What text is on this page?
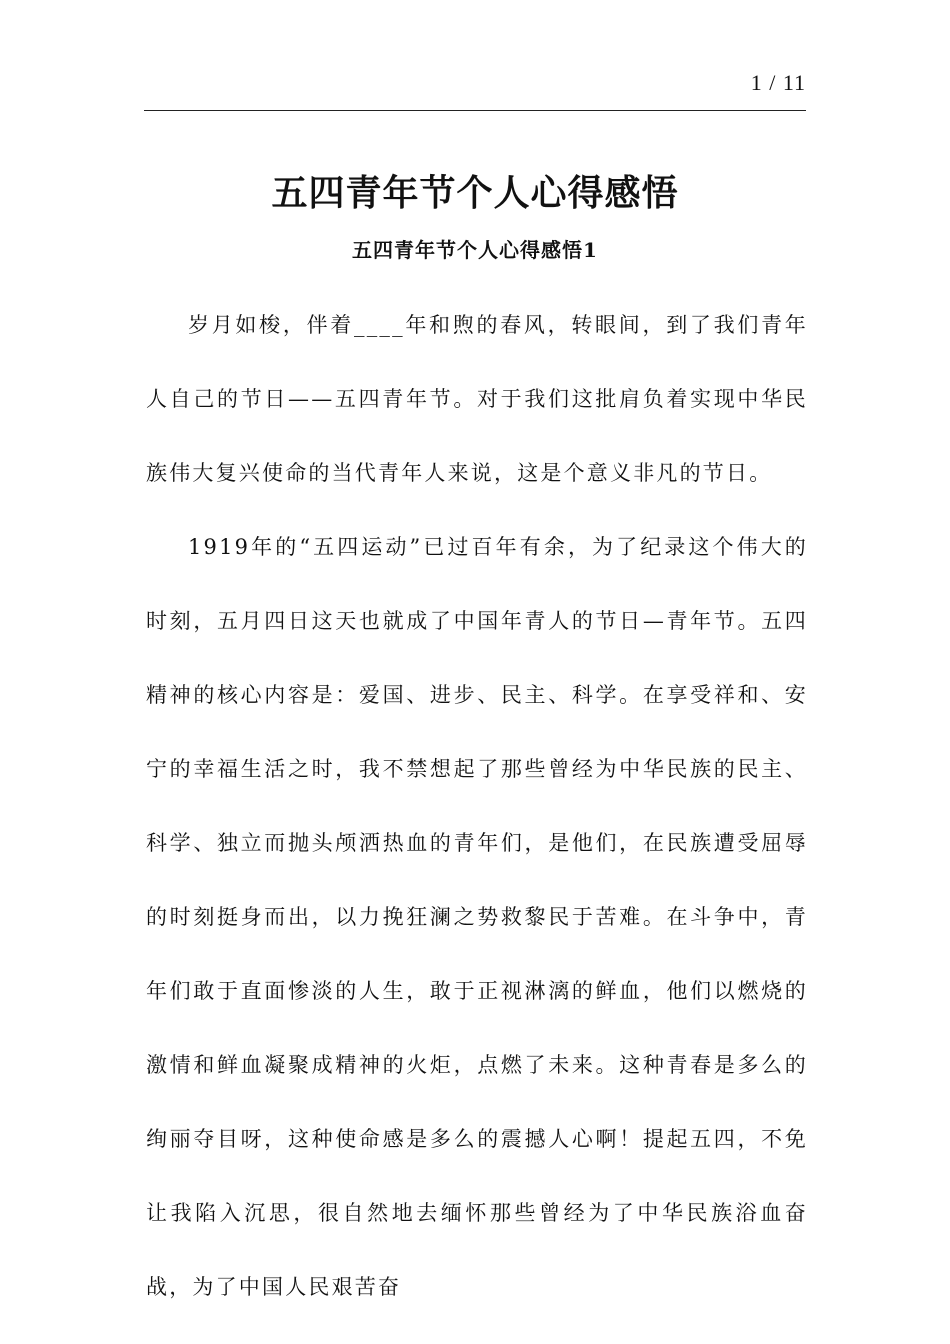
1 / 11
五四青年节个人心得感悟
五四青年节个人心得感悟1

岁月如梭，伴着____年和煦的春风，转眼间，到了我们青年人自己的节日——五四青年节。对于我们这批肩负着实现中华民族伟大复兴使命的当代青年人来说，这是个意义非凡的节日。

1919年的“五四运动”已过百年有余，为了纪录这个伟大的时刻，五月四日这天也就成了中国年青人的节日—青年节。五四精神的核心内容是：爱国、进步、民主、科学。在享受祥和、安宁的幸福生活之时，我不禁想起了那些曾经为中华民族的民主、科学、独立而抛头颅洒热血的青年们，是他们，在民族遭受屈辱的时刻挺身而出，以力挽狂澜之势救黎民于苦难。在斗争中，青年们敢于直面惨淡的人生，敢于正视淋漓的鲜血，他们以燃烧的激情和鲜血凝聚成精神的火炬，点燃了未来。这种青春是多么的绚丽夺目呀，这种使命感是多么的震撼人心啊！提起五四，不免让我陷入沉思，很自然地去缅怀那些曾经为了中华民族浴血奋战，为了中国人民艰苦奋
